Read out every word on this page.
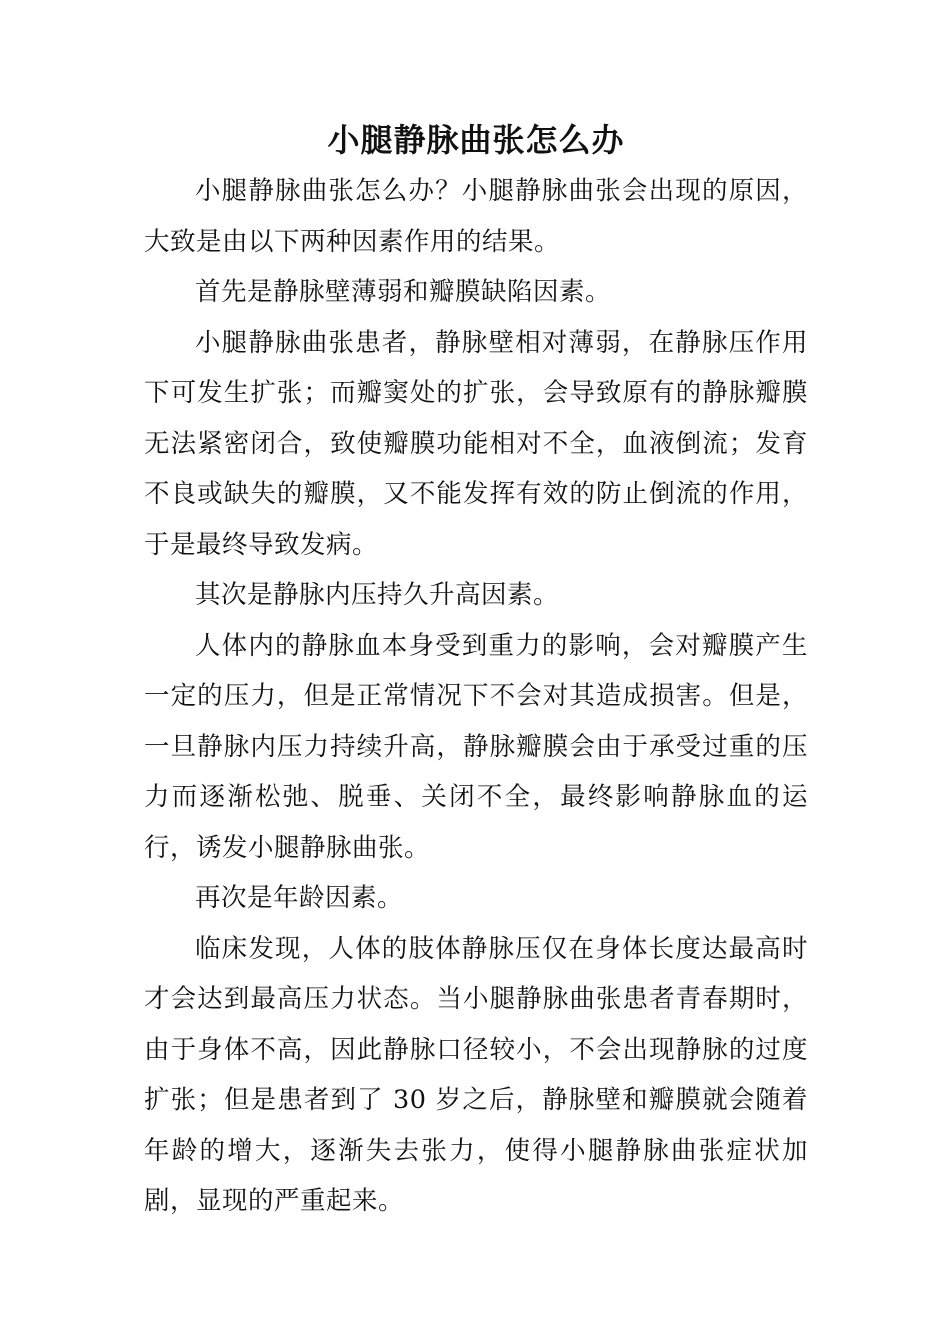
小腿静脉曲张怎么办

小腿静脉曲张怎么办？小腿静脉曲张会出现的原因，大致是由以下两种因素作用的结果。

首先是静脉壁薄弱和瓣膜缺陷因素。

小腿静脉曲张患者，静脉壁相对薄弱，在静脉压作用下可发生扩张；而瓣窦处的扩张，会导致原有的静脉瓣膜无法紧密闭合，致使瓣膜功能相对不全，血液倒流；发育不良或缺失的瓣膜，又不能发挥有效的防止倒流的作用，于是最终导致发病。

其次是静脉内压持久升高因素。

人体内的静脉血本身受到重力的影响，会对瓣膜产生一定的压力，但是正常情况下不会对其造成损害。但是，一旦静脉内压力持续升高，静脉瓣膜会由于承受过重的压力而逐渐松弛、脱垂、关闭不全，最终影响静脉血的运行，诱发小腿静脉曲张。

再次是年龄因素。

临床发现，人体的肢体静脉压仅在身体长度达最高时才会达到最高压力状态。当小腿静脉曲张患者青春期时，由于身体不高，因此静脉口径较小，不会出现静脉的过度扩张；但是患者到了 30 岁之后，静脉壁和瓣膜就会随着年龄的增大，逐渐失去张力，使得小腿静脉曲张症状加剧，显现的严重起来。
